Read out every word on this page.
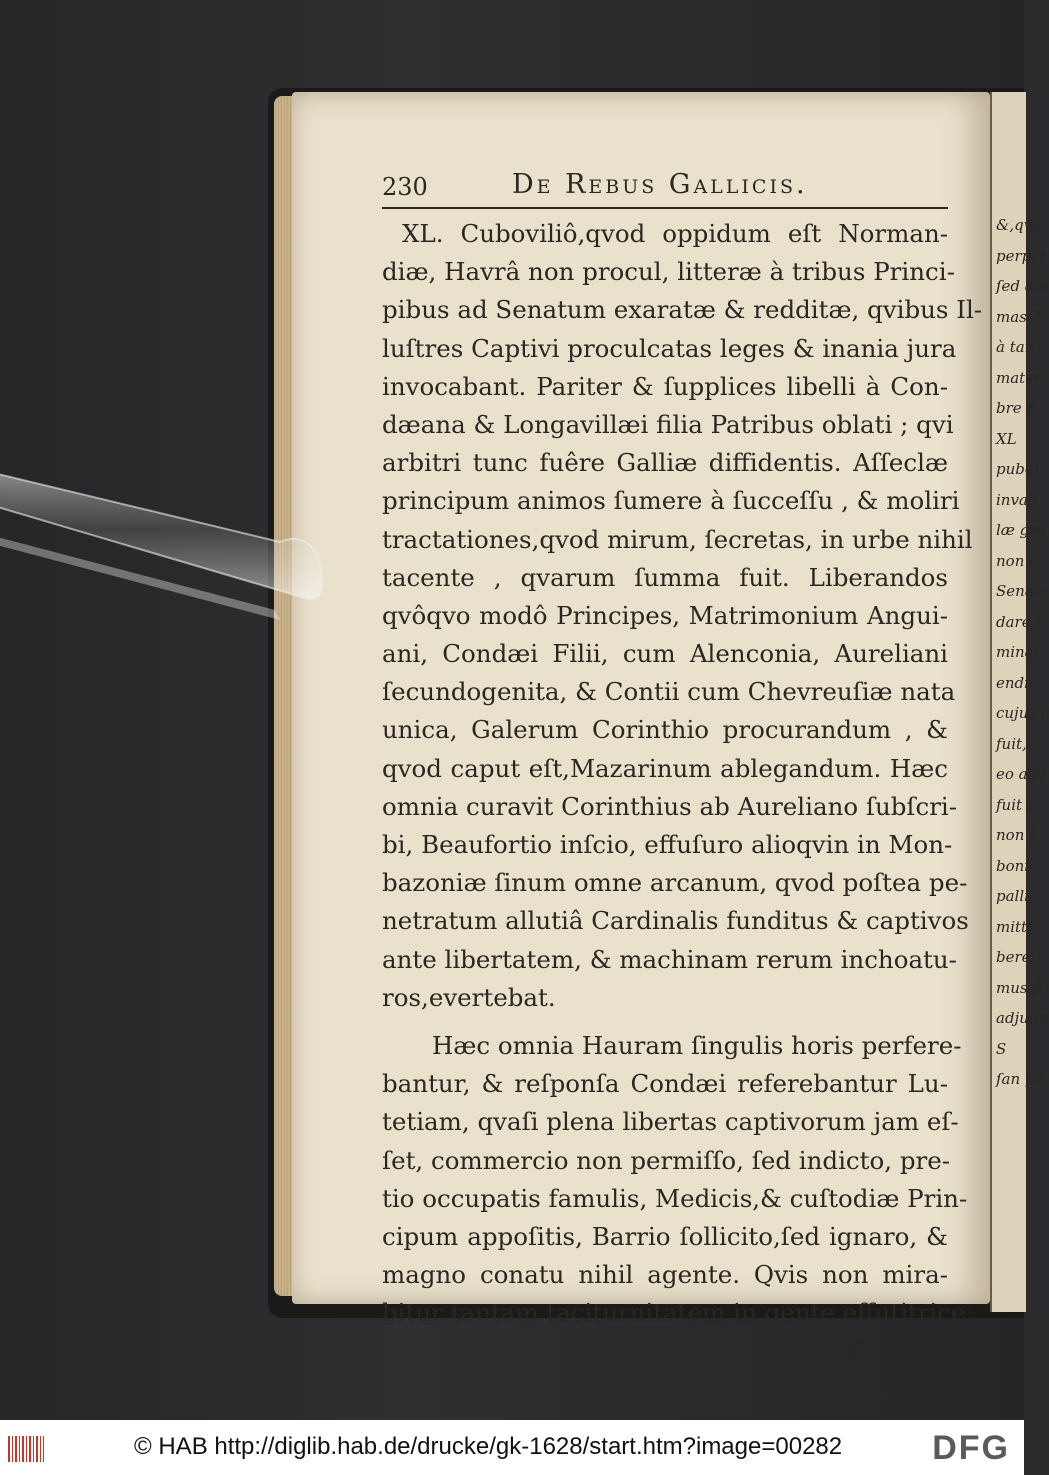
&,qvo
perpet
ſed am
mas ?
à tan
mater
bre n
XL
puber
invali
læ gra
non e
Senatu
dare f
minar
endi ,
cujus c
fuit,
eo adv
fuit c
non f
boniç
pallio.
mitti,
beret;
mus ſi
adjung
S
ſan pr
230	De Rebus Gallicis.
XL. Cuboviliô,qvod oppidum eſt Norman-
diæ, Havrâ non procul, litteræ à tribus Princi-
pibus ad Senatum exaratæ & redditæ, qvibus Il-
luſtres Captivi proculcatas leges & inania jura
invocabant. Pariter & ſupplices libelli à Con-
dæana & Longavillæi filia Patribus oblati ; qvi
arbitri tunc fuêre Galliæ diffidentis. Aſſeclæ
principum animos ſumere à ſucceſſu , & moliri
tractationes,qvod mirum, ſecretas, in urbe nihil
tacente , qvarum ſumma fuit. Liberandos
qvôqvo modô Principes, Matrimonium Angui-
ani, Condæi Filii, cum Alenconia, Aureliani
ſecundogenita, & Contii cum Chevreuſiæ nata
unica, Galerum Corinthio procurandum , &
qvod caput eſt,Mazarinum ablegandum. Hæc
omnia curavit Corinthius ab Aureliano ſubſcri-
bi, Beaufortio inſcio, effuſuro alioqvin in Mon-
bazoniæ ſinum omne arcanum, qvod poſtea pe-
netratum allutiâ Cardinalis funditus & captivos
ante libertatem, & machinam rerum inchoatu-
ros,evertebat.
Hæc omnia Hauram ſingulis horis perfere-
bantur, & reſponſa Condæi referebantur Lu-
tetiam, qvaſi plena libertas captivorum jam eſ-
ſet, commercio non permiſſo, ſed indicto, pre-
tio occupatis famulis, Medicis,& cuſtodiæ Prin-
cipum appoſitis, Barrio ſollicito,ſed ignaro, &
magno conatu nihil agente. Qvis non mira-
bitur tantam taciturnitatem in gente effutitrice;
&, qvod
© HAB http://diglib.hab.de/drucke/gk-1628/start.htm?image=00282	DFG
